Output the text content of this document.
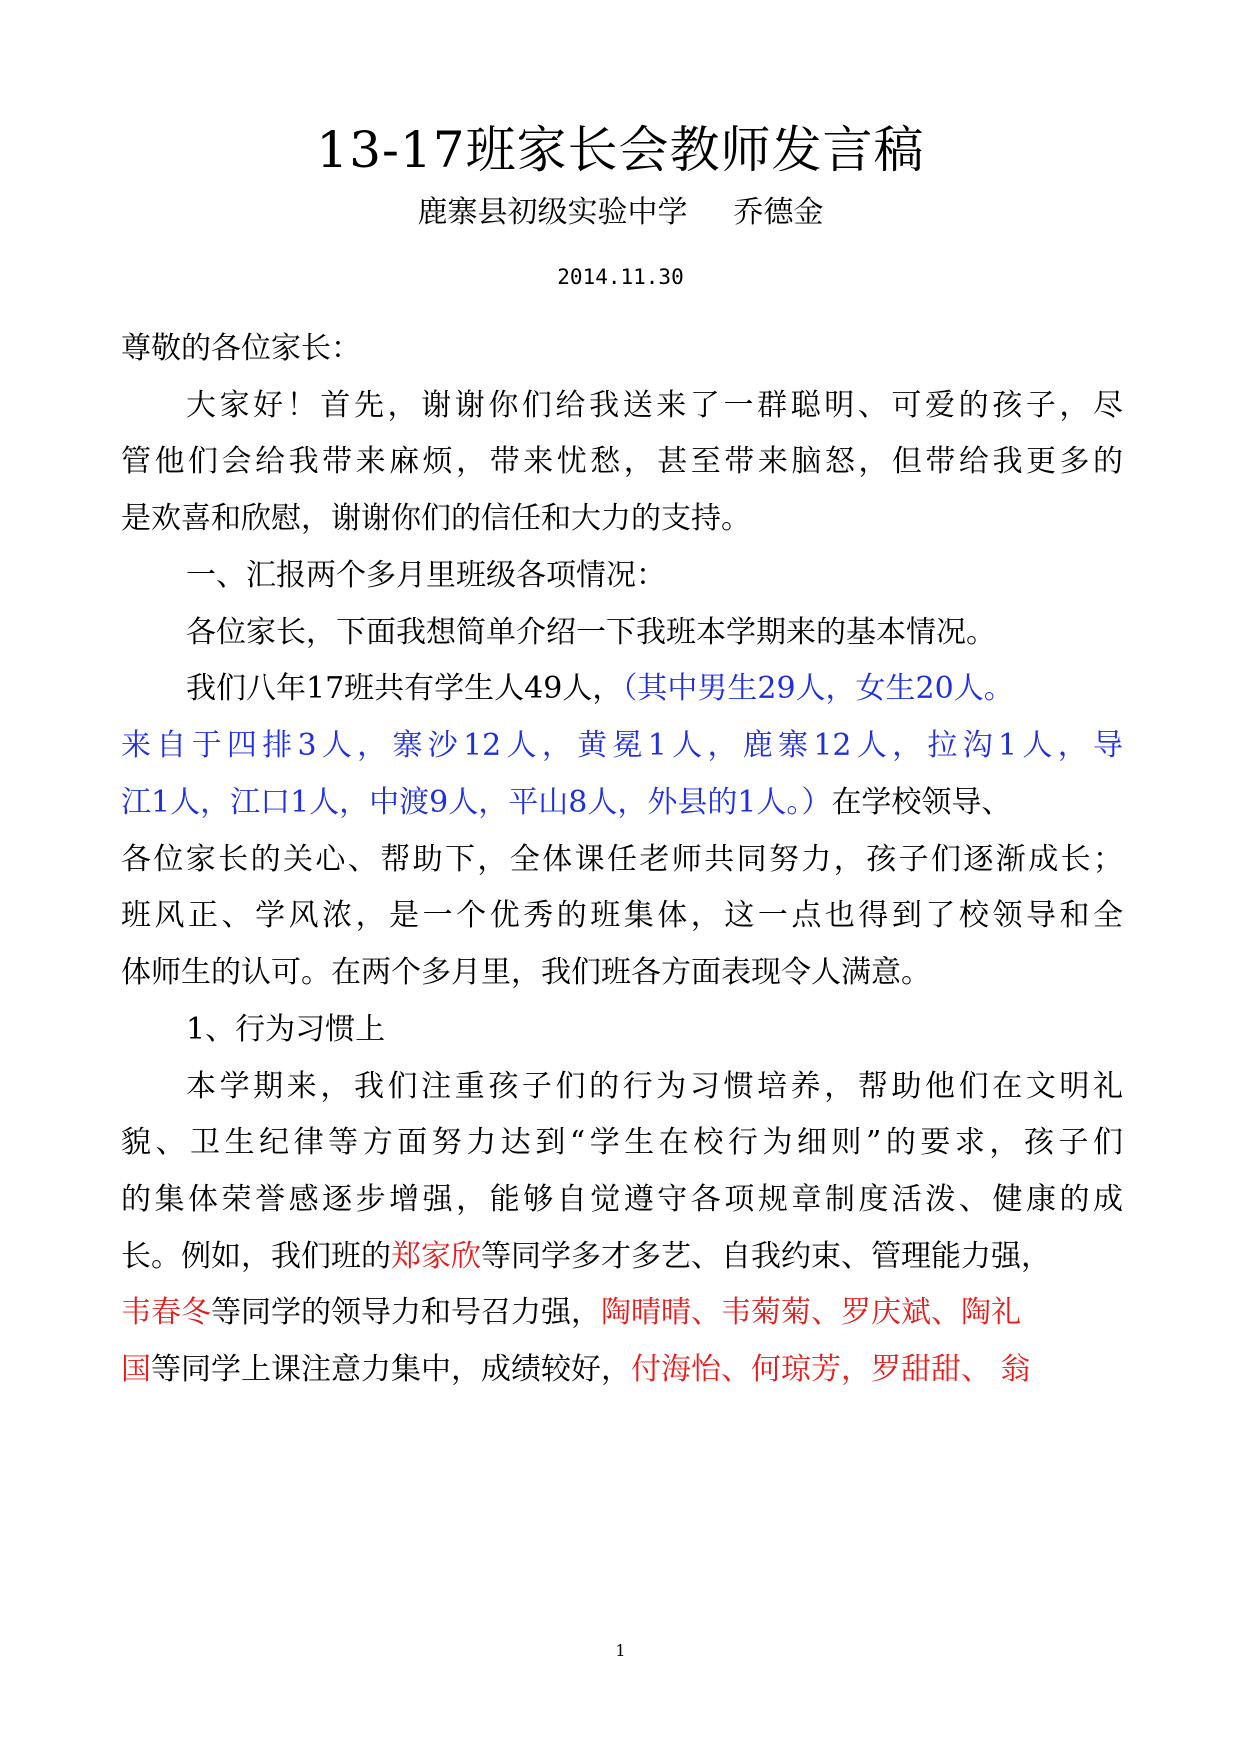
13-17班家长会教师发言稿
鹿寨县初级实验中学 乔德金
2014.11.30
尊敬的各位家长：
大家好！首先，谢谢你们给我送来了一群聪明、可爱的孩子，尽
管他们会给我带来麻烦，带来忧愁，甚至带来脑怒，但带给我更多的
是欢喜和欣慰，谢谢你们的信任和大力的支持。
一、汇报两个多月里班级各项情况：
各位家长，下面我想简单介绍一下我班本学期来的基本情况。
我们八年17班共有学生人49人，（其中男生29人，女生20人。
来自于四排3人，寨沙12人，黄冕1人，鹿寨12人，拉沟1人，导
江1人，江口1人，中渡9人，平山8人，外县的1人。）在学校领导、
各位家长的关心、帮助下，全体课任老师共同努力，孩子们逐渐成长；
班风正、学风浓，是一个优秀的班集体，这一点也得到了校领导和全
体师生的认可。在两个多月里，我们班各方面表现令人满意。
1、行为习惯上
本学期来，我们注重孩子们的行为习惯培养，帮助他们在文明礼
貌、卫生纪律等方面努力达到“学生在校行为细则”的要求，孩子们
的集体荣誉感逐步增强，能够自觉遵守各项规章制度活泼、健康的成
长。例如，我们班的郑家欣等同学多才多艺、自我约束、管理能力强，
韦春冬等同学的领导力和号召力强，陶晴晴、韦菊菊、罗庆斌、陶礼
国等同学上课注意力集中，成绩较好，付海怡、何琼芳，罗甜甜、 翁
1
